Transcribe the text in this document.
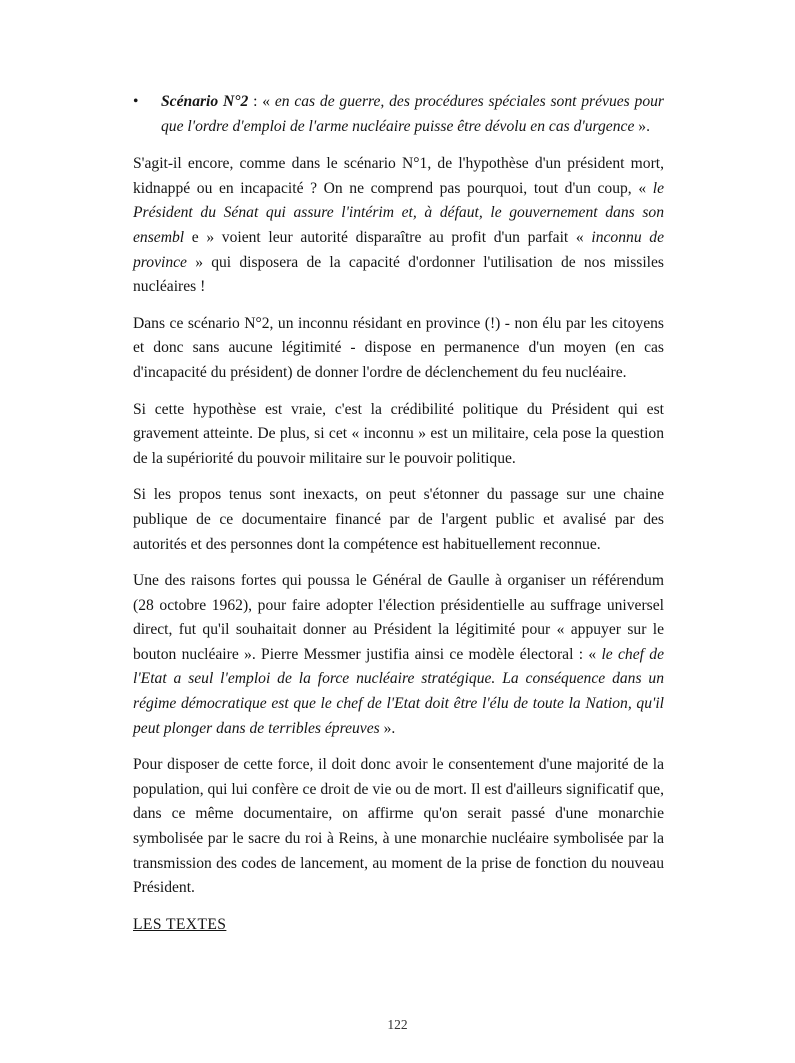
•	Scénario N°2 : « en cas de guerre, des procédures spéciales sont prévues pour que l'ordre d'emploi de l'arme nucléaire puisse être dévolu en cas d'urgence ».

S'agit-il encore, comme dans le scénario N°1, de l'hypothèse d'un président mort, kidnappé ou en incapacité ? On ne comprend pas pourquoi, tout d'un coup, « le Président du Sénat qui assure l'intérim et, à défaut, le gouvernement dans son ensembl e » voient leur autorité disparaître au profit d'un parfait « inconnu de province » qui disposera de la capacité d'ordonner l'utilisation de nos missiles nucléaires !

Dans ce scénario N°2, un inconnu résidant en province (!) - non élu par les citoyens et donc sans aucune légitimité - dispose en permanence d'un moyen (en cas d'incapacité du président) de donner l'ordre de déclenchement du feu nucléaire.

Si cette hypothèse est vraie, c'est la crédibilité politique du Président qui est gravement atteinte. De plus, si cet « inconnu » est un militaire, cela pose la question de la supériorité du pouvoir militaire sur le pouvoir politique.

Si les propos tenus sont inexacts, on peut s'étonner du passage sur une chaine publique de ce documentaire financé par de l'argent public et avalisé par des autorités et des personnes dont la compétence est habituellement reconnue.

Une des raisons fortes qui poussa le Général de Gaulle à organiser un référendum (28 octobre 1962), pour faire adopter l'élection présidentielle au suffrage universel direct, fut qu'il souhaitait donner au Président la légitimité pour « appuyer sur le bouton nucléaire ». Pierre Messmer justifia ainsi ce modèle électoral : « le chef de l'Etat a seul l'emploi de la force nucléaire stratégique. La conséquence dans un régime démocratique est que le chef de l'Etat doit être l'élu de toute la Nation, qu'il peut plonger dans de terribles épreuves ».

Pour disposer de cette force, il doit donc avoir le consentement d'une majorité de la population, qui lui confère ce droit de vie ou de mort. Il est d'ailleurs significatif que, dans ce même documentaire, on affirme qu'on serait passé d'une monarchie symbolisée par le sacre du roi à Reins, à une monarchie nucléaire symbolisée par la transmission des codes de lancement, au moment de la prise de fonction du nouveau Président.

LES TEXTES
122
